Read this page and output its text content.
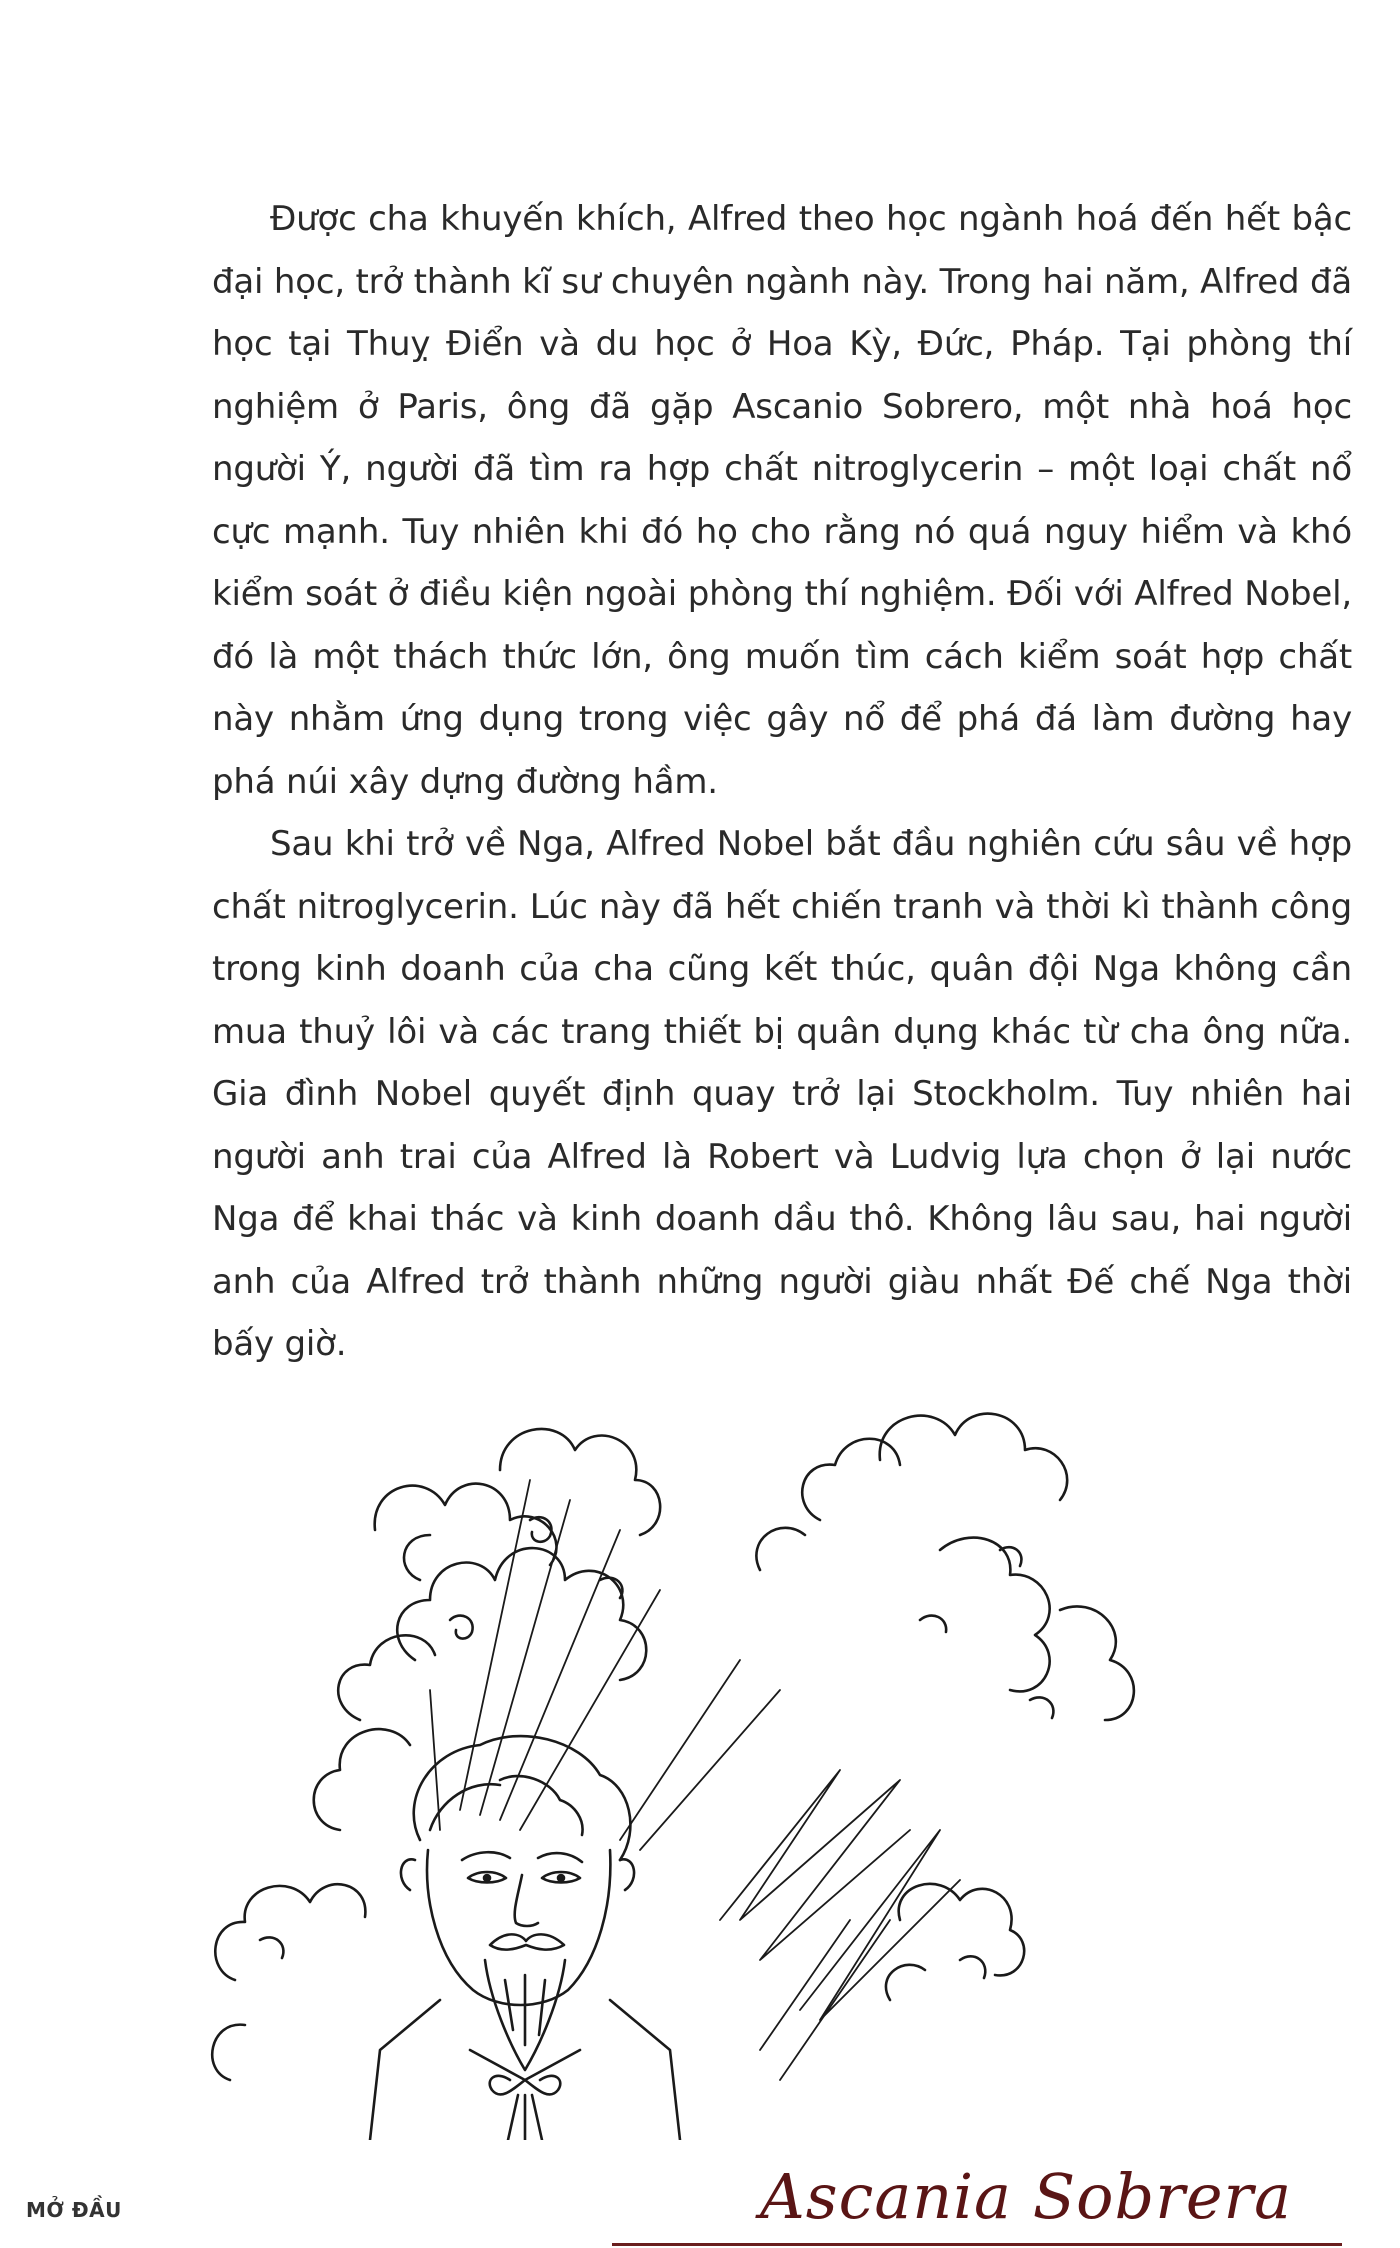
Được cha khuyến khích, Alfred theo học ngành hoá đến hết bậc đại học, trở thành kĩ sư chuyên ngành này. Trong hai năm, Alfred đã học tại Thuỵ Điển và du học ở Hoa Kỳ, Đức, Pháp. Tại phòng thí nghiệm ở Paris, ông đã gặp Ascanio Sobrero, một nhà hoá học người Ý, người đã tìm ra hợp chất nitroglycerin – một loại chất nổ cực mạnh. Tuy nhiên khi đó họ cho rằng nó quá nguy hiểm và khó kiểm soát ở điều kiện ngoài phòng thí nghiệm. Đối với Alfred Nobel, đó là một thách thức lớn, ông muốn tìm cách kiểm soát hợp chất này nhằm ứng dụng trong việc gây nổ để phá đá làm đường hay phá núi xây dựng đường hầm.

Sau khi trở về Nga, Alfred Nobel bắt đầu nghiên cứu sâu về hợp chất nitroglycerin. Lúc này đã hết chiến tranh và thời kì thành công trong kinh doanh của cha cũng kết thúc, quân đội Nga không cần mua thuỷ lôi và các trang thiết bị quân dụng khác từ cha ông nữa. Gia đình Nobel quyết định quay trở lại Stockholm. Tuy nhiên hai người anh trai của Alfred là Robert và Ludvig lựa chọn ở lại nước Nga để khai thác và kinh doanh dầu thô. Không lâu sau, hai người anh của Alfred trở thành những người giàu nhất Đế chế Nga thời bấy giờ.

MỞ ĐẦU	Ascania Sobrera
